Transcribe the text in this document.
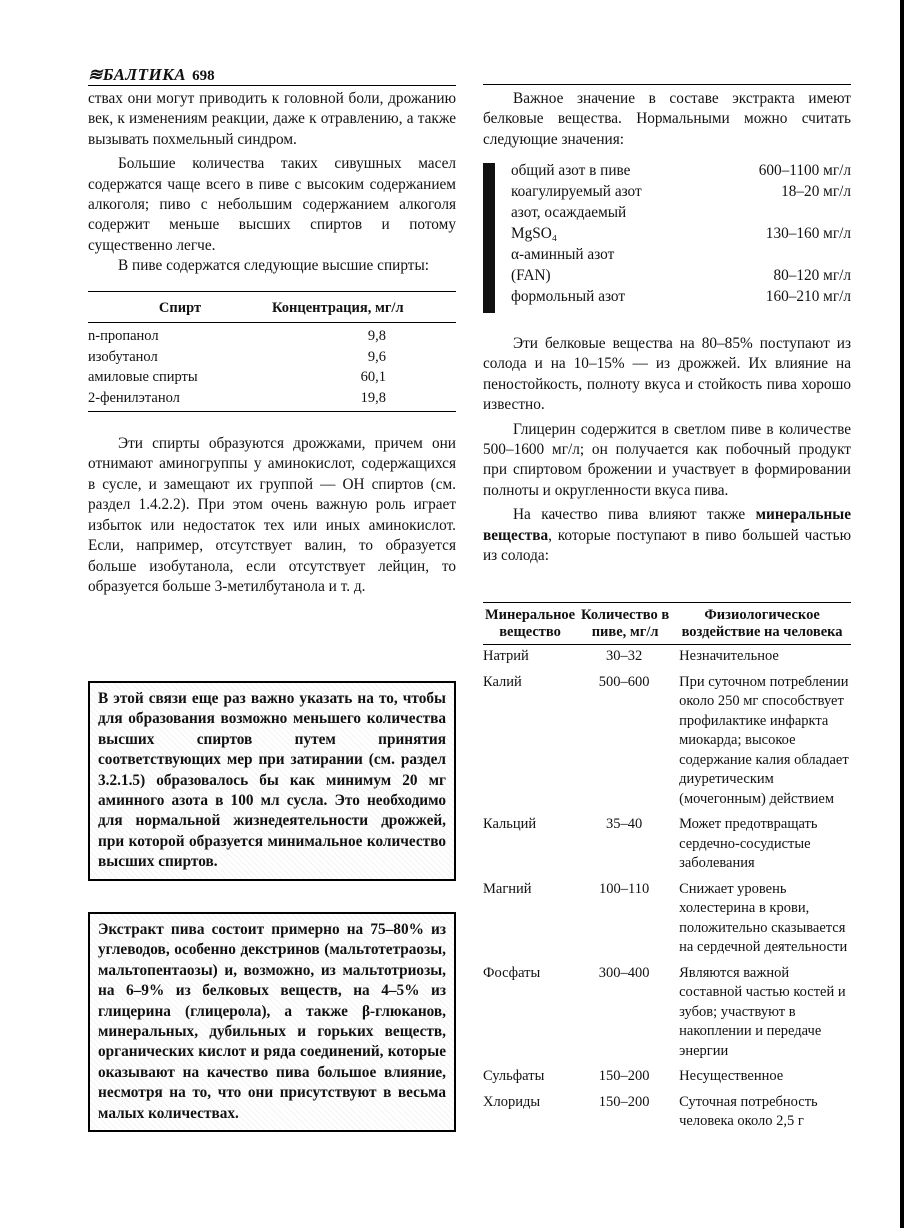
≋БАЛТИКА 698

ствах они могут приводить к головной боли, дрожанию век, к изменениям реакции, даже к отравлению, а также вызывать похмельный синдром.

Большие количества таких сивушных масел содержатся чаще всего в пиве с высоким содержанием алкоголя; пиво с небольшим содержанием алкоголя содержит меньше высших спиртов и потому существенно легче.

В пиве содержатся следующие высшие спирты:

Спирт	Концентрация, мг/л
n-пропанол	9,8
изобутанол	9,6
амиловые спирты	60,1
2-фенилэтанол	19,8

Эти спирты образуются дрожжами, причем они отнимают аминогруппы у аминокислот, содержащихся в сусле, и замещают их группой — ОН спиртов (см. раздел 1.4.2.2). При этом очень важную роль играет избыток или недостаток тех или иных аминокислот. Если, например, отсутствует валин, то образуется больше изобутанола, если отсутствует лейцин, то образуется больше 3-метилбутанола и т. д.

В этой связи еще раз важно указать на то, чтобы для образования возможно меньшего количества высших спиртов путем принятия соответствующих мер при затирании (см. раздел 3.2.1.5) образовалось бы как минимум 20 мг аминного азота в 100 мл сусла. Это необходимо для нормальной жизнедеятельности дрожжей, при которой образуется минимальное количество высших спиртов.
Экстракт пива состоит примерно на 75–80% из углеводов, особенно декстринов (мальтотетраозы, мальтопентаозы) и, возможно, из мальтотриозы, на 6–9% из белковых веществ, на 4–5% из глицерина (глицерола), а также β-глюканов, минеральных, дубильных и горьких веществ, органических кислот и ряда соединений, которые оказывают на качество пива большое влияние, несмотря на то, что они присутствуют в весьма малых количествах.

Важное значение в составе экстракта имеют белковые вещества. Нормальными можно считать следующие значения:

общий азот в пиве	600–1100 мг/л
коагулируемый азот	18–20 мг/л
азот, осаждаемый
MgSO₄	130–160 мг/л
α-аминный азот
(FAN)	80–120 мг/л
формольный азот	160–210 мг/л

Эти белковые вещества на 80–85% поступают из солода и на 10–15% — из дрожжей. Их влияние на пеностойкость, полноту вкуса и стойкость пива хорошо известно.

Глицерин содержится в светлом пиве в количестве 500–1600 мг/л; он получается как побочный продукт при спиртовом брожении и участвует в формировании полноты и округленности вкуса пива.

На качество пива влияют также минеральные вещества, которые поступают в пиво большей частью из солода:

Минеральное вещество	Количество в пиве, мг/л	Физиологическое воздействие на человека
Натрий	30–32	Незначительное
Калий	500–600	При суточном потреблении около 250 мг способствует профилактике инфаркта миокарда; высокое содержание калия обладает диуретическим (мочегонным) действием
Кальций	35–40	Может предотвращать сердечно-сосудистые заболевания
Магний	100–110	Снижает уровень холестерина в крови, положительно сказывается на сердечной деятельности
Фосфаты	300–400	Являются важной составной частью костей и зубов; участвуют в накоплении и передаче энергии
Сульфаты	150–200	Несущественное
Хлориды	150–200	Суточная потребность человека около 2,5 г
